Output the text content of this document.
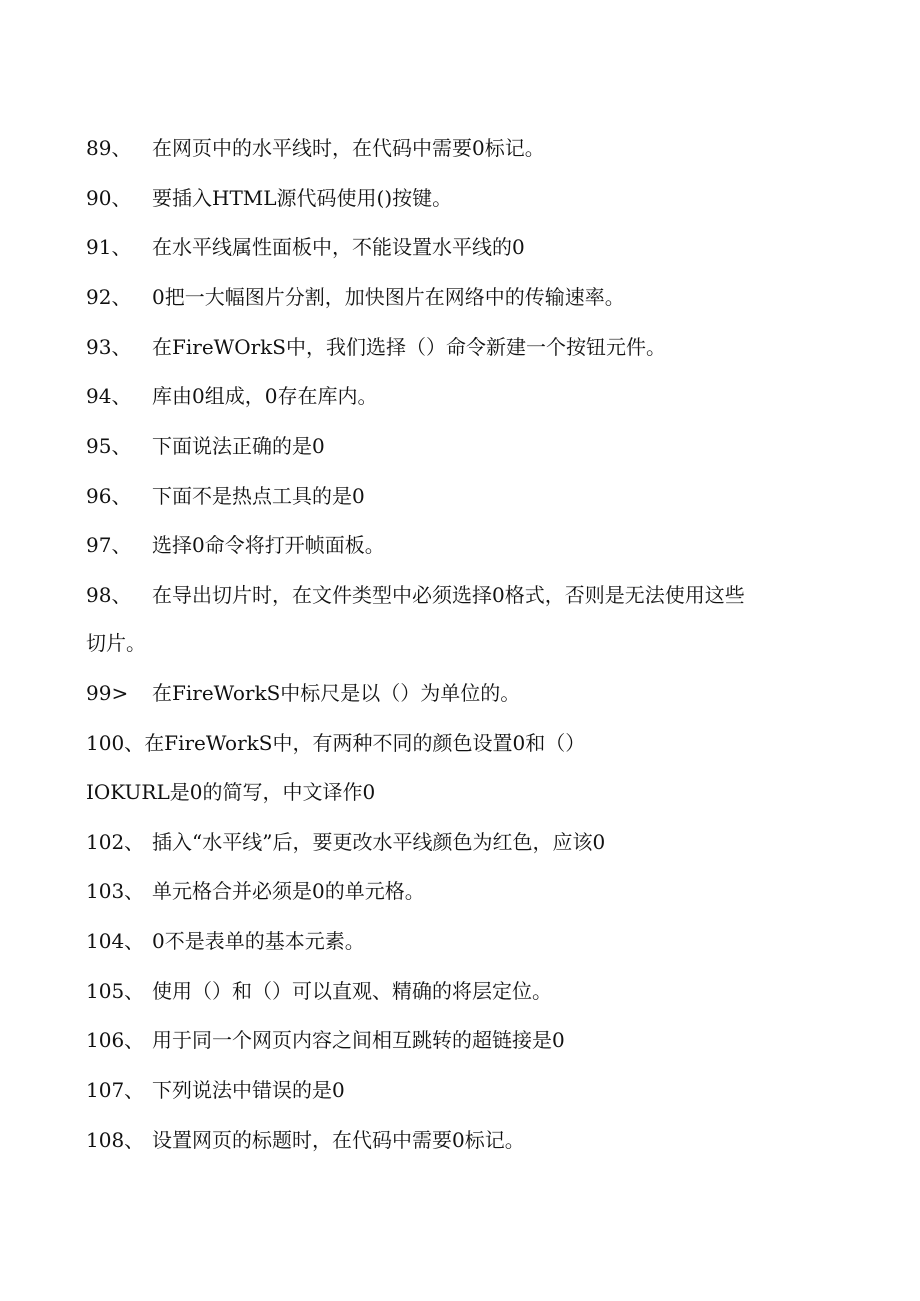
89、 在网页中的水平线时，在代码中需要0标记。
90、 要插入HTML源代码使用()按键。
91、 在水平线属性面板中，不能设置水平线的0
92、 0把一大幅图片分割，加快图片在网络中的传输速率。
93、 在FireWOrkS中，我们选择（）命令新建一个按钮元件。
94、 库由0组成，0存在库内。
95、 下面说法正确的是0
96、 下面不是热点工具的是0
97、 选择0命令将打开帧面板。
98、 在导出切片时，在文件类型中必须选择0格式，否则是无法使用这些
切片。
99> 在FireWorkS中标尺是以（）为单位的。
100、在FireWorkS中，有两种不同的颜色设置0和（）
IOKURL是0的简写，中文译作0
102、 插入“水平线”后，要更改水平线颜色为红色，应该0
103、 单元格合并必须是0的单元格。
104、 0不是表单的基本元素。
105、 使用（）和（）可以直观、精确的将层定位。
106、 用于同一个网页内容之间相互跳转的超链接是0
107、 下列说法中错误的是0
108、 设置网页的标题时，在代码中需要0标记。
